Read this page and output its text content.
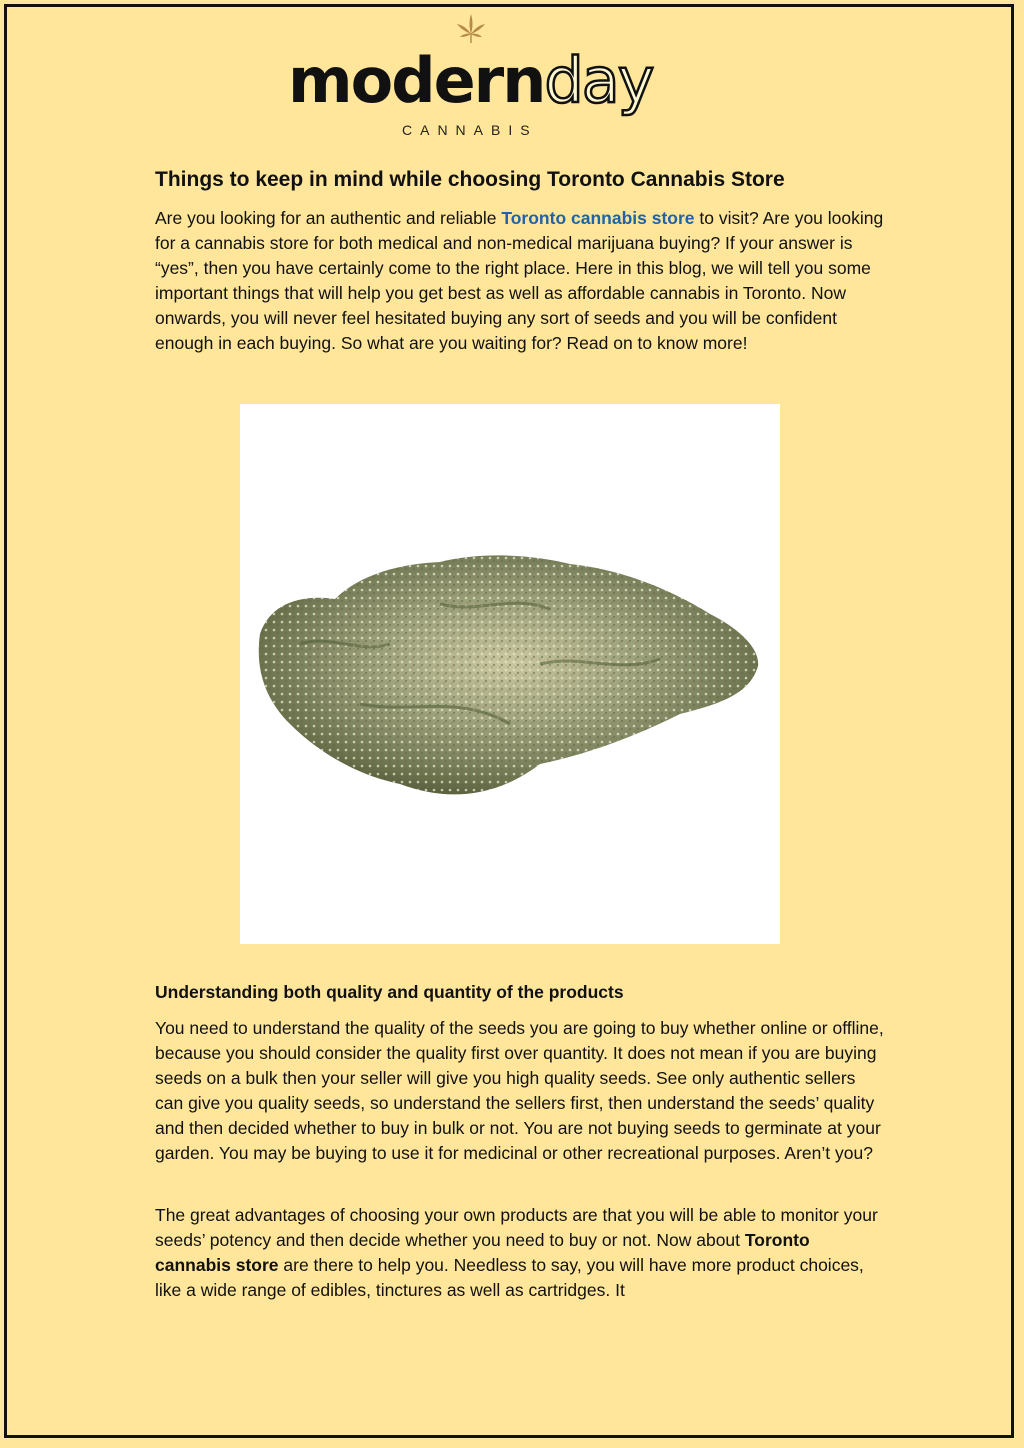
modernday
CANNABIS
Things to keep in mind while choosing Toronto Cannabis Store

Are you looking for an authentic and reliable Toronto cannabis store to visit? Are you looking for a cannabis store for both medical and non-medical marijuana buying? If your answer is “yes”, then you have certainly come to the right place. Here in this blog, we will tell you some important things that will help you get best as well as affordable cannabis in Toronto. Now onwards, you will never feel hesitated buying any sort of seeds and you will be confident enough in each buying. So what are you waiting for? Read on to know more!

Understanding both quality and quantity of the products

You need to understand the quality of the seeds you are going to buy whether online or offline, because you should consider the quality first over quantity. It does not mean if you are buying seeds on a bulk then your seller will give you high quality seeds. See only authentic sellers can give you quality seeds, so understand the sellers first, then understand the seeds’ quality and then decided whether to buy in bulk or not. You are not buying seeds to germinate at your garden. You may be buying to use it for medicinal or other recreational purposes. Aren’t you?

The great advantages of choosing your own products are that you will be able to monitor your seeds’ potency and then decide whether you need to buy or not. Now about Toronto cannabis store are there to help you. Needless to say, you will have more product choices, like a wide range of edibles, tinctures as well as cartridges. It
